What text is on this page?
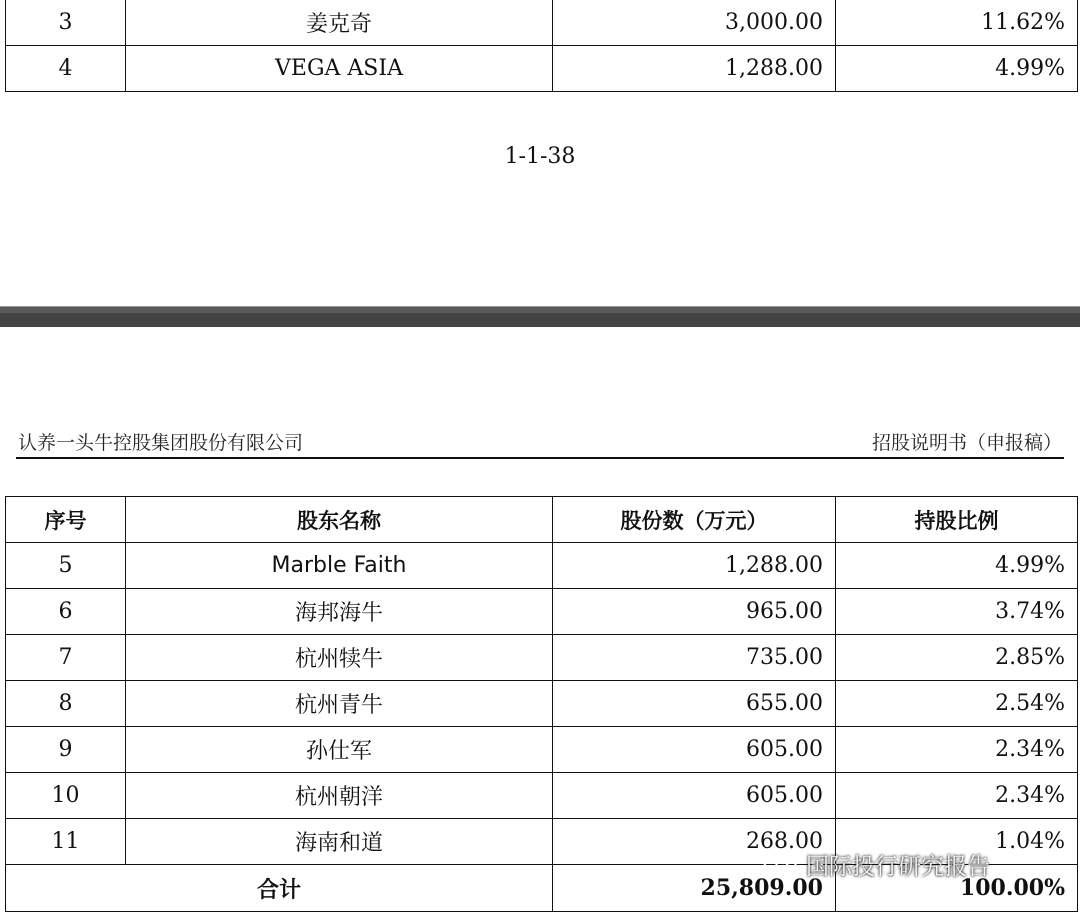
3	姜克奇	3,000.00	11.62%
4	VEGA ASIA	1,288.00	4.99%
1-1-38
认养一头牛控股集团股份有限公司	招股说明书（申报稿）
序号	股东名称	股份数（万元）	持股比例
5	Marble Faith	1,288.00	4.99%
6	海邦海牛	965.00	3.74%
7	杭州犊牛	735.00	2.85%
8	杭州青牛	655.00	2.54%
9	孙仕军	605.00	2.34%
10	杭州朝洋	605.00	2.34%
11	海南和道	268.00	1.04%
合计		25,809.00	100.00%
国际投行研究报告
